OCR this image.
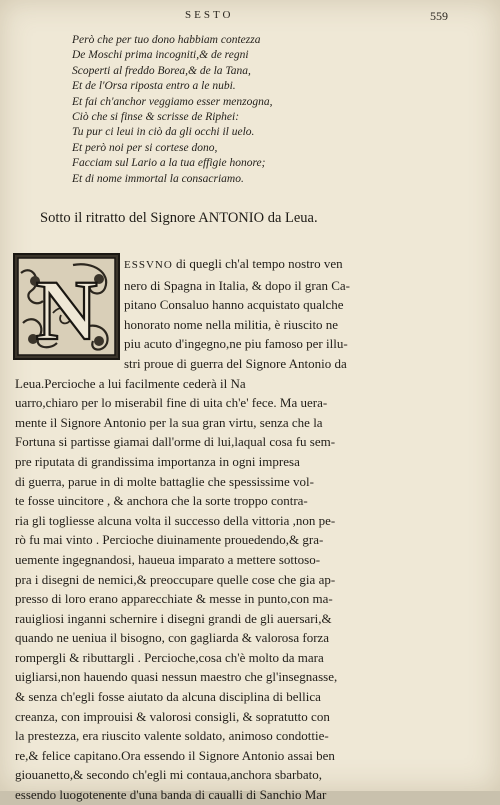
SESTO	559
Però che per tuo dono habbiam contezza
De Moschi prima incogniti,& de regni
Scoperti al freddo Borea,& de la Tana,
Et de l'Orsa riposta entro a le nubi.
Et fai ch'anchor veggiamo esser menzogna,
Ciò che si finse & scrisse de Riphei:
Tu pur ci leui in ciò da gli occhi il uelo.
Et però noi per si cortese dono,
Facciam sul Lario a la tua effigie honore;
Et di nome immortal la consacriamo.
Sotto il ritratto del Signore ANTONIO da Leua.
N	ESSVNO di quegli ch'al tempo nostro ven
nero di Spagna in Italia, & dopo il gran Ca-
pitano Consaluo hanno acquistato qualche
honorato nome nella militia, è riuscito ne
piu acuto d'ingegno,ne piu famoso per illu-
stri proue di guerra del Signore Antonio da
Leua.Percioche a lui facilmente cederà il Na
uarro,chiaro per lo miserabil fine di uita ch'e' fece. Ma uera-
mente il Signore Antonio per la sua gran virtu, senza che la
Fortuna si partisse giamai dall'orme di lui,laqual cosa fu sem-
pre riputata di grandissima importanza in ogni impresa
di guerra, parue in di molte battaglie che spessissime vol-
te fosse uincitore , & anchora che la sorte troppo contra-
ria gli togliesse alcuna volta il successo della vittoria ,non pe-
rò fu mai vinto . Percioche diuinamente prouedendo,& gra-
uemente ingegnandosi, haueua imparato a mettere sottoso-
pra i disegni de nemici,& preoccupare quelle cose che gia ap-
presso di loro erano apparecchiate & messe in punto,con ma-
rauigliosi inganni schernire i disegni grandi de gli auersari,&
quando ne ueniua il bisogno, con gagliarda & valorosa forza
rompergli & ributtargli . Percioche,cosa ch'è molto da mara
uigliarsi,non hauendo quasi nessun maestro che gl'insegnasse,
& senza ch'egli fosse aiutato da alcuna disciplina di bellica
creanza, con improuisi & valorosi consigli, & sopratutto con
la prestezza, era riuscito valente soldato, animoso condottie-
re,& felice capitano.Ora essendo il Signore Antonio assai ben
giouanetto,& secondo ch'egli mi contaua,anchora sbarbato,
essendo luogotenente d'una banda di caualli di Sanchio Mar
